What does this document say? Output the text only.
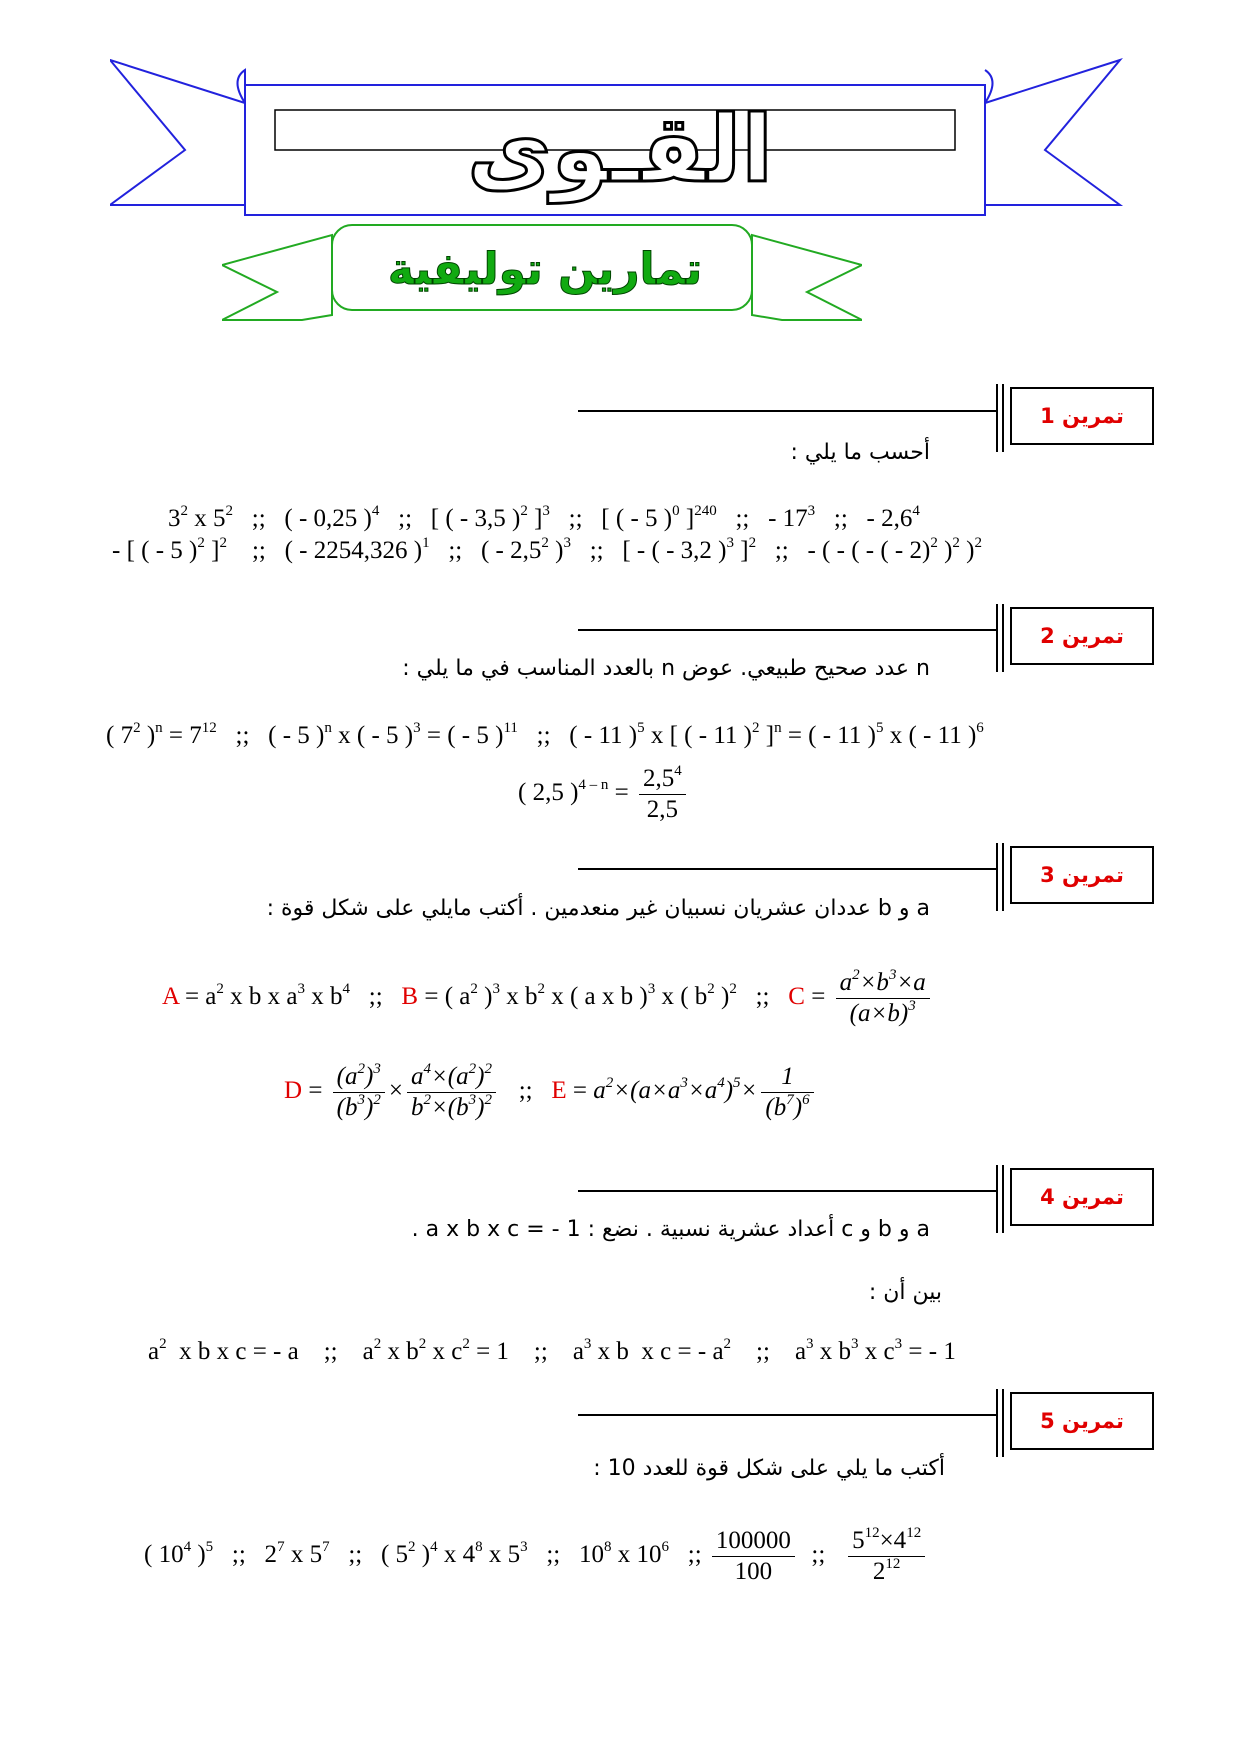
القـوى
تمارين توليفية
تمرين 1
أحسب ما يلي :
$3^2$ x $5^2$   ;;   ( - 0,25 )$^4$   ;;   [ ( - 3,5 )$^2$ ]$^3$   ;;   [ ( - 5 )$^0$ ]$^{240}$   ;;   - $17^3$   ;;   - $2,6^4$
- [ ( - 5 )$^2$ ]$^2$    ;;   ( - 2254,326 )$^1$   ;;   ( - $2,5^2$ )$^3$   ;;   [ - ( - 3,2 )$^3$ ]$^2$   ;;   - ( - ( - ( - 2)$^2$ )$^2$ )$^2$
تمرين 2
n عدد صحيح طبيعي. عوض n بالعدد المناسب في ما يلي :
( $7^2$ )$^n = 7^{12}$   ;;   ( - 5 )$^n$ x ( - 5 )$^3$ = ( - 5 )$^{11}$   ;;   ( - 11 )$^5$ x [ ( - 11 )$^2$ ]$^n$ = ( - 11 )$^5$ x ( - 11 )$^6$
( 2,5 )$^{4 - n} = \frac{2,5^4}{2,5}$
تمرين 3
a و b عددان عشريان نسبيان غير منعدمين . أكتب مايلي على شكل قوة :
$A = a^2$ x b x $a^3$ x $b^4$   ;;   B = ( $a^2$ )$^3$ x $b^2$ x ( a x b )$^3$ x ( $b^2$ )$^2$   ;;   $C = \frac{a^2\times b^3\times a}{(a\times b)^3}$
$D = \frac{(a^2)^3}{(b^3)^2} \times \frac{a^4\times(a^2)^2}{b^2\times(b^3)^2}$ ;;   $E = a^2\times(a\times a^3\times a^4)^5\times \frac{1}{(b^7)^6}$
تمرين 4
a و b و c أعداد عشرية نسبية . نضع : a x b x c = - 1 .
بين أن :
$a^2$  x b x c = - a    ;;    $a^2$ x $b^2$ x $c^2 = 1$    ;;    $a^3$ x b  x c = - $a^2$    ;;    $a^3$ x $b^3$ x $c^3$ = - 1
تمرين 5
أكتب ما يلي على شكل قوة للعدد 10 :
( $10^4$ )$^5$   ;;   $2^7$ x $5^7$   ;;   ( $5^2$ )$^4$ x $4^8$ x $5^3$   ;;   $10^8$ x $10^6$   ;; $\frac{100000}{100}$ ;; $\frac{5^{12}\times 4^{12}}{2^{12}}$
